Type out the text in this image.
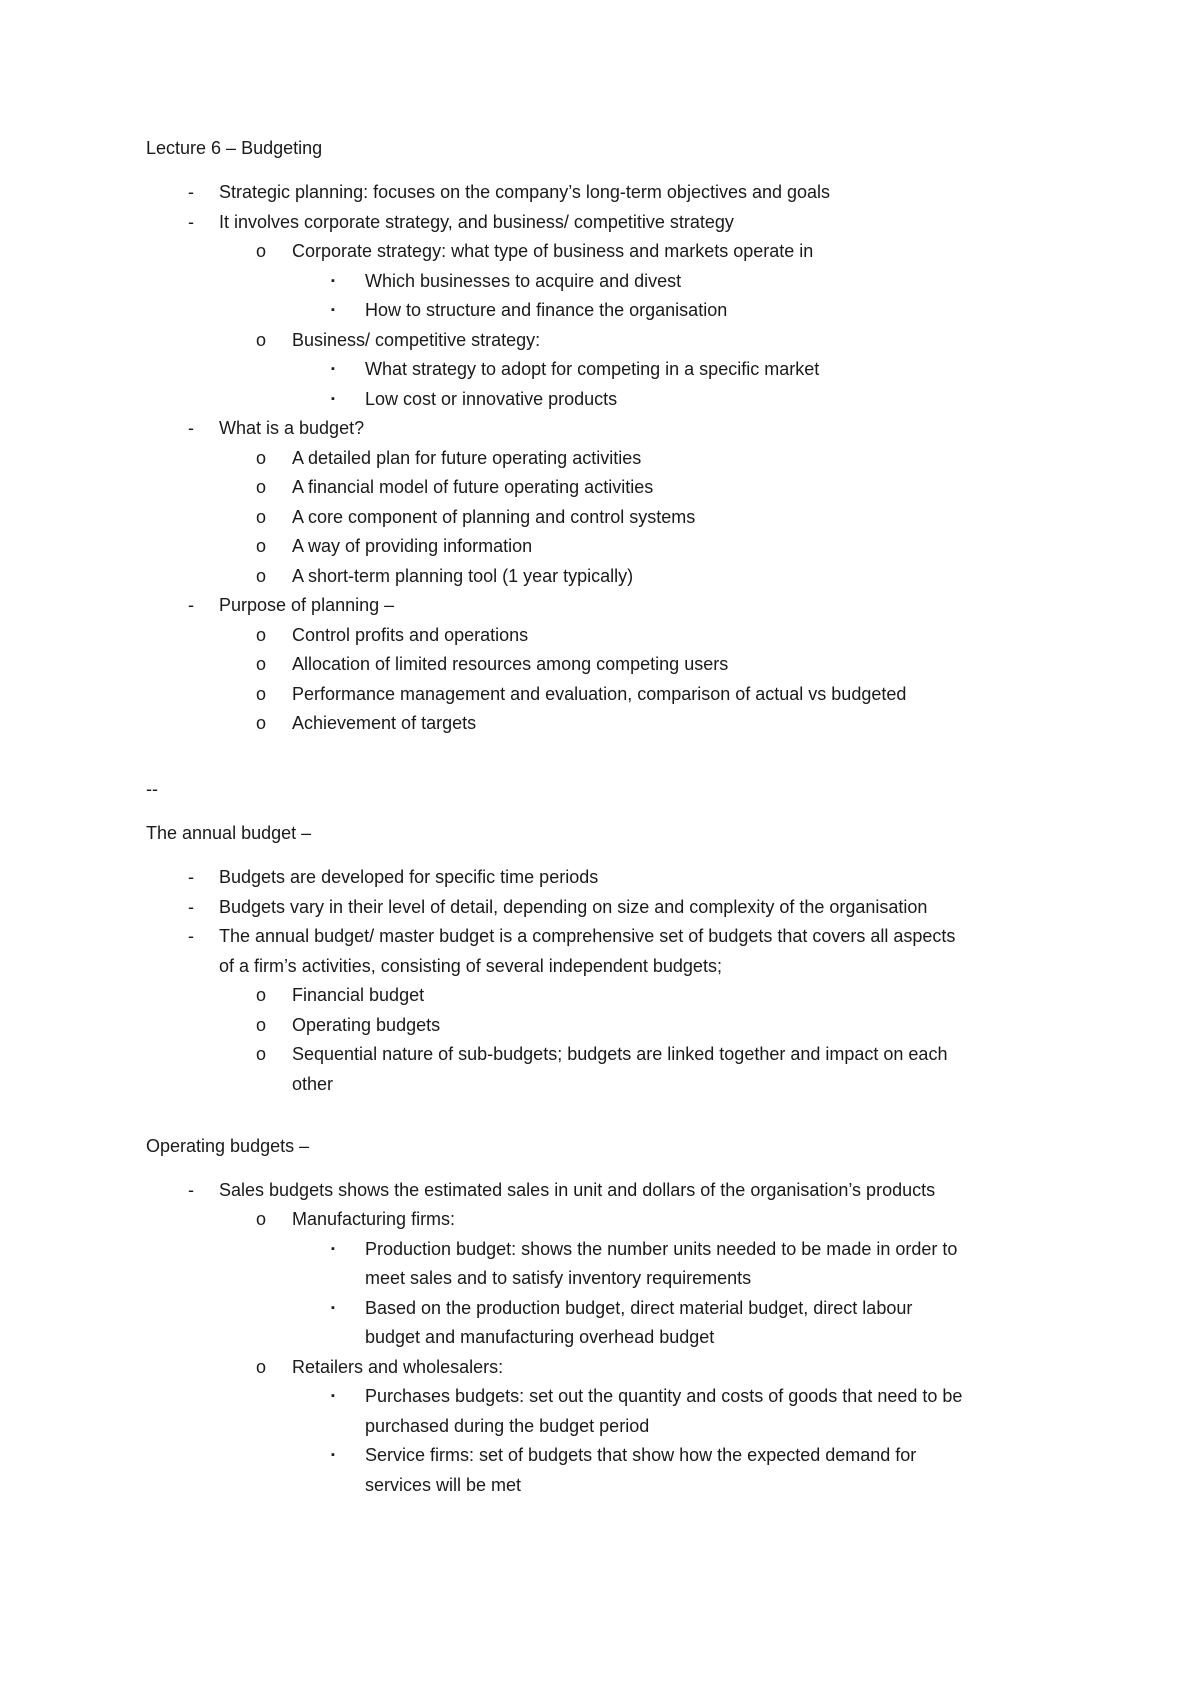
Lecture 6 – Budgeting
- Strategic planning: focuses on the company’s long-term objectives and goals
- It involves corporate strategy, and business/ competitive strategy
o Corporate strategy: what type of business and markets operate in
▪ Which businesses to acquire and divest
▪ How to structure and finance the organisation
o Business/ competitive strategy:
▪ What strategy to adopt for competing in a specific market
▪ Low cost or innovative products
- What is a budget?
o A detailed plan for future operating activities
o A financial model of future operating activities
o A core component of planning and control systems
o A way of providing information
o A short-term planning tool (1 year typically)
- Purpose of planning –
o Control profits and operations
o Allocation of limited resources among competing users
o Performance management and evaluation, comparison of actual vs budgeted
o Achievement of targets
--
The annual budget –
- Budgets are developed for specific time periods
- Budgets vary in their level of detail, depending on size and complexity of the organisation
- The annual budget/ master budget is a comprehensive set of budgets that covers all aspects
of a firm’s activities, consisting of several independent budgets;
o Financial budget
o Operating budgets
o Sequential nature of sub-budgets; budgets are linked together and impact on each
other
Operating budgets –
- Sales budgets shows the estimated sales in unit and dollars of the organisation’s products
o Manufacturing firms:
▪ Production budget: shows the number units needed to be made in order to
meet sales and to satisfy inventory requirements
▪ Based on the production budget, direct material budget, direct labour
budget and manufacturing overhead budget
o Retailers and wholesalers:
▪ Purchases budgets: set out the quantity and costs of goods that need to be
purchased during the budget period
▪ Service firms: set of budgets that show how the expected demand for
services will be met
